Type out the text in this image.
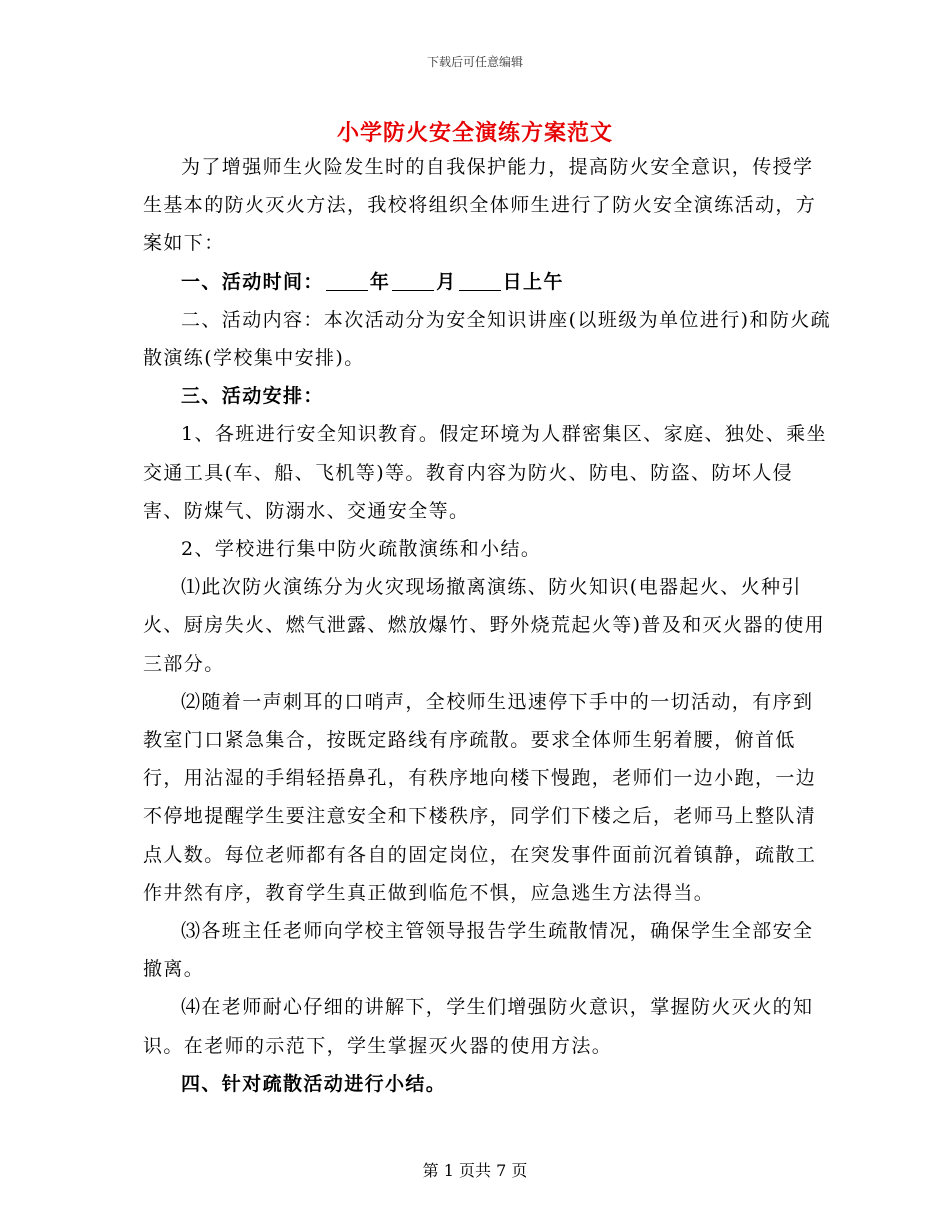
下载后可任意编辑
小学防火安全演练方案范文

为了增强师生火险发生时的自我保护能力，提高防火安全意识，传授学生基本的防火灭火方法，我校将组织全体师生进行了防火安全演练活动，方案如下：

一、活动时间： 年 月 日上午

二、活动内容：本次活动分为安全知识讲座(以班级为单位进行)和防火疏散演练(学校集中安排)。

三、活动安排：

1、各班进行安全知识教育。假定环境为人群密集区、家庭、独处、乘坐交通工具(车、船、飞机等)等。教育内容为防火、防电、防盗、防坏人侵害、防煤气、防溺水、交通安全等。

2、学校进行集中防火疏散演练和小结。

⑴此次防火演练分为火灾现场撤离演练、防火知识(电器起火、火种引火、厨房失火、燃气泄露、燃放爆竹、野外烧荒起火等)普及和灭火器的使用三部分。

⑵随着一声刺耳的口哨声，全校师生迅速停下手中的一切活动，有序到教室门口紧急集合，按既定路线有序疏散。要求全体师生躬着腰，俯首低行，用沾湿的手绢轻捂鼻孔，有秩序地向楼下慢跑，老师们一边小跑，一边不停地提醒学生要注意安全和下楼秩序，同学们下楼之后，老师马上整队清点人数。每位老师都有各自的固定岗位，在突发事件面前沉着镇静，疏散工作井然有序，教育学生真正做到临危不惧，应急逃生方法得当。

⑶各班主任老师向学校主管领导报告学生疏散情况，确保学生全部安全撤离。

⑷在老师耐心仔细的讲解下，学生们增强防火意识，掌握防火灭火的知识。在老师的示范下，学生掌握灭火器的使用方法。

四、针对疏散活动进行小结。

第 1 页共 7 页
